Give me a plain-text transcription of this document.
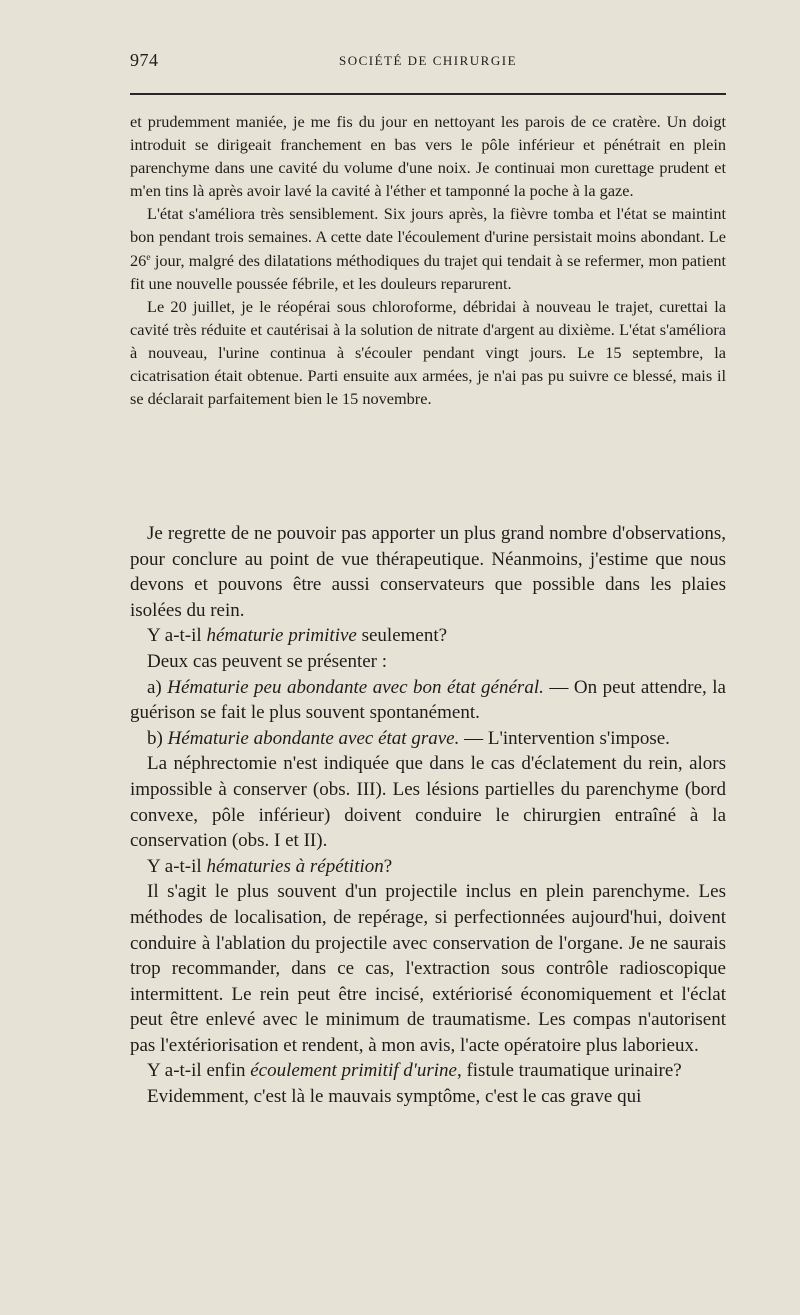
974	SOCIÉTÉ DE CHIRURGIE

et prudemment maniée, je me fis du jour en nettoyant les parois de ce cratère. Un doigt introduit se dirigeait franchement en bas vers le pôle inférieur et pénétrait en plein parenchyme dans une cavité du volume d'une noix. Je continuai mon curettage prudent et m'en tins là après avoir lavé la cavité à l'éther et tamponné la poche à la gaze.

L'état s'améliora très sensiblement. Six jours après, la fièvre tomba et l'état se maintint bon pendant trois semaines. A cette date l'écoulement d'urine persistait moins abondant. Le 26e jour, malgré des dilatations méthodiques du trajet qui tendait à se refermer, mon patient fit une nouvelle poussée fébrile, et les douleurs reparurent.

Le 20 juillet, je le réopérai sous chloroforme, débridai à nouveau le trajet, curettai la cavité très réduite et cautérisai à la solution de nitrate d'argent au dixième. L'état s'améliora à nouveau, l'urine continua à s'écouler pendant vingt jours. Le 15 septembre, la cicatrisation était obtenue. Parti ensuite aux armées, je n'ai pas pu suivre ce blessé, mais il se déclarait parfaitement bien le 15 novembre.

Je regrette de ne pouvoir pas apporter un plus grand nombre d'observations, pour conclure au point de vue thérapeutique. Néanmoins, j'estime que nous devons et pouvons être aussi conservateurs que possible dans les plaies isolées du rein.

Y a-t-il hématurie primitive seulement?

Deux cas peuvent se présenter :

a) Hématurie peu abondante avec bon état général. — On peut attendre, la guérison se fait le plus souvent spontanément.

b) Hématurie abondante avec état grave. — L'intervention s'impose.

La néphrectomie n'est indiquée que dans le cas d'éclatement du rein, alors impossible à conserver (obs. III). Les lésions partielles du parenchyme (bord convexe, pôle inférieur) doivent conduire le chirurgien entraîné à la conservation (obs. I et II).

Y a-t-il hématuries à répétition?

Il s'agit le plus souvent d'un projectile inclus en plein parenchyme. Les méthodes de localisation, de repérage, si perfectionnées aujourd'hui, doivent conduire à l'ablation du projectile avec conservation de l'organe. Je ne saurais trop recommander, dans ce cas, l'extraction sous contrôle radioscopique intermittent. Le rein peut être incisé, extériorisé économiquement et l'éclat peut être enlevé avec le minimum de traumatisme. Les compas n'autorisent pas l'extériorisation et rendent, à mon avis, l'acte opératoire plus laborieux.

Y a-t-il enfin écoulement primitif d'urine, fistule traumatique urinaire?

Evidemment, c'est là le mauvais symptôme, c'est le cas grave qui
